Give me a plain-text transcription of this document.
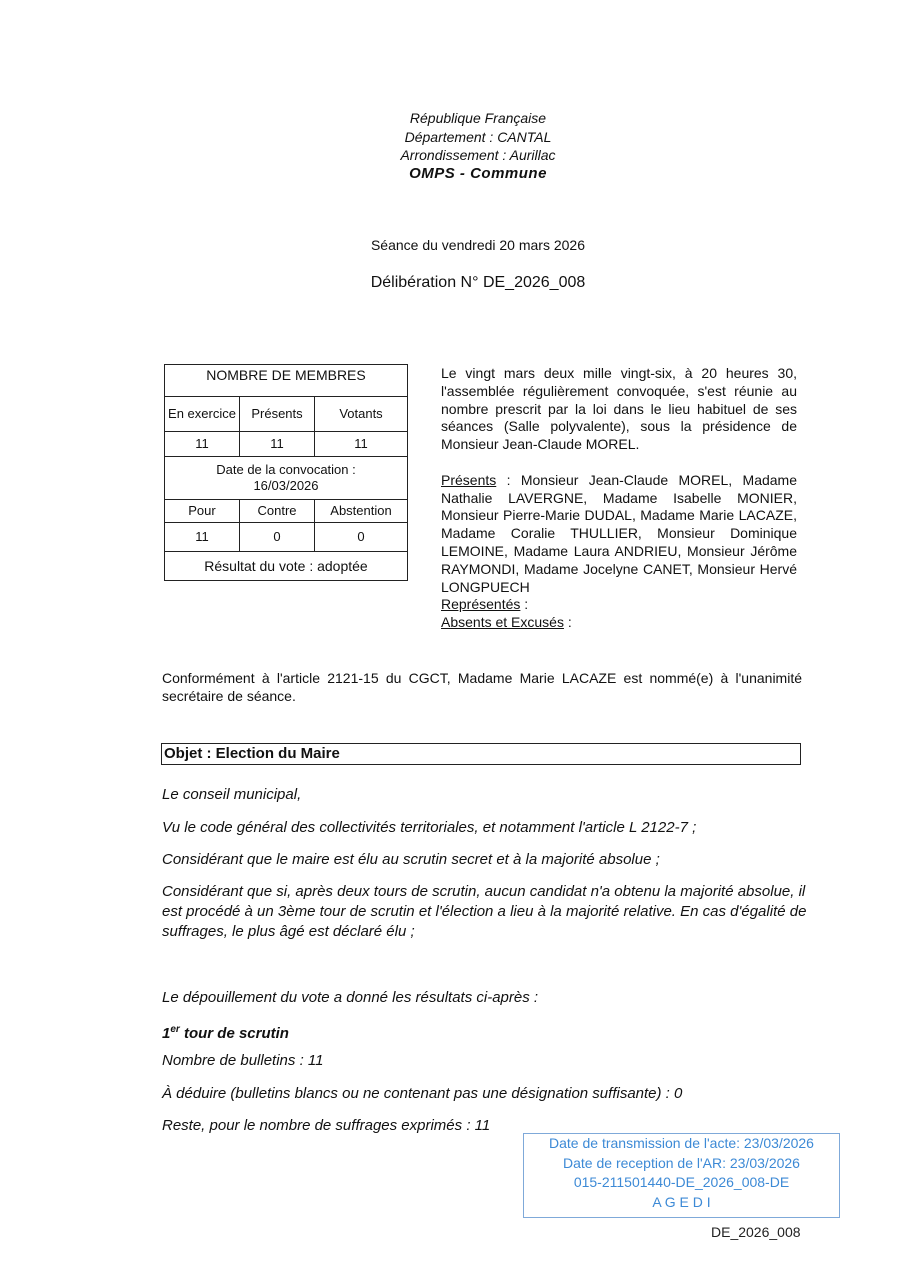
République Française
Département : CANTAL
Arrondissement : Aurillac
OMPS - Commune
Séance du vendredi 20 mars 2026
Délibération N° DE_2026_008
NOMBRE DE MEMBRES		
En exercice	Présents	Votants
11	11	11

Date de la convocation :
16/03/2026		

Pour	Contre	Abstention
11	0	0
Résultat du vote : adoptée		
Le vingt mars deux mille vingt-six, à 20 heures 30, l'assemblée régulièrement convoquée, s'est réunie au nombre prescrit par la loi dans le lieu habituel de ses séances (Salle polyvalente), sous la présidence de Monsieur Jean-Claude MOREL.
Présents : Monsieur Jean-Claude MOREL, Madame Nathalie LAVERGNE, Madame Isabelle MONIER, Monsieur Pierre-Marie DUDAL, Madame Marie LACAZE, Madame Coralie THULLIER, Monsieur Dominique LEMOINE, Madame Laura ANDRIEU, Monsieur Jérôme RAYMONDI, Madame Jocelyne CANET, Monsieur Hervé LONGPUECH
Représentés :
Absents et Excusés :
Conformément à l'article 2121-15 du CGCT, Madame Marie LACAZE est nommé(e) à l'unanimité secrétaire de séance.
Objet : Election du Maire
Le conseil municipal,
Vu le code général des collectivités territoriales, et notamment l'article L 2122-7 ;
Considérant que le maire est élu au scrutin secret et à la majorité absolue ;
Considérant que si, après deux tours de scrutin, aucun candidat n'a obtenu la majorité absolue, il est procédé à un 3ème tour de scrutin et l'élection a lieu à la majorité relative. En cas d'égalité de suffrages, le plus âgé est déclaré élu ;
Le dépouillement du vote a donné les résultats ci-après :
1er tour de scrutin
Nombre de bulletins : 11
À déduire (bulletins blancs ou ne contenant pas une désignation suffisante) : 0
Reste, pour le nombre de suffrages exprimés : 11
Date de transmission de l'acte: 23/03/2026
Date de reception de l'AR: 23/03/2026
015-211501440-DE_2026_008-DE
A G E D I
DE_2026_008
